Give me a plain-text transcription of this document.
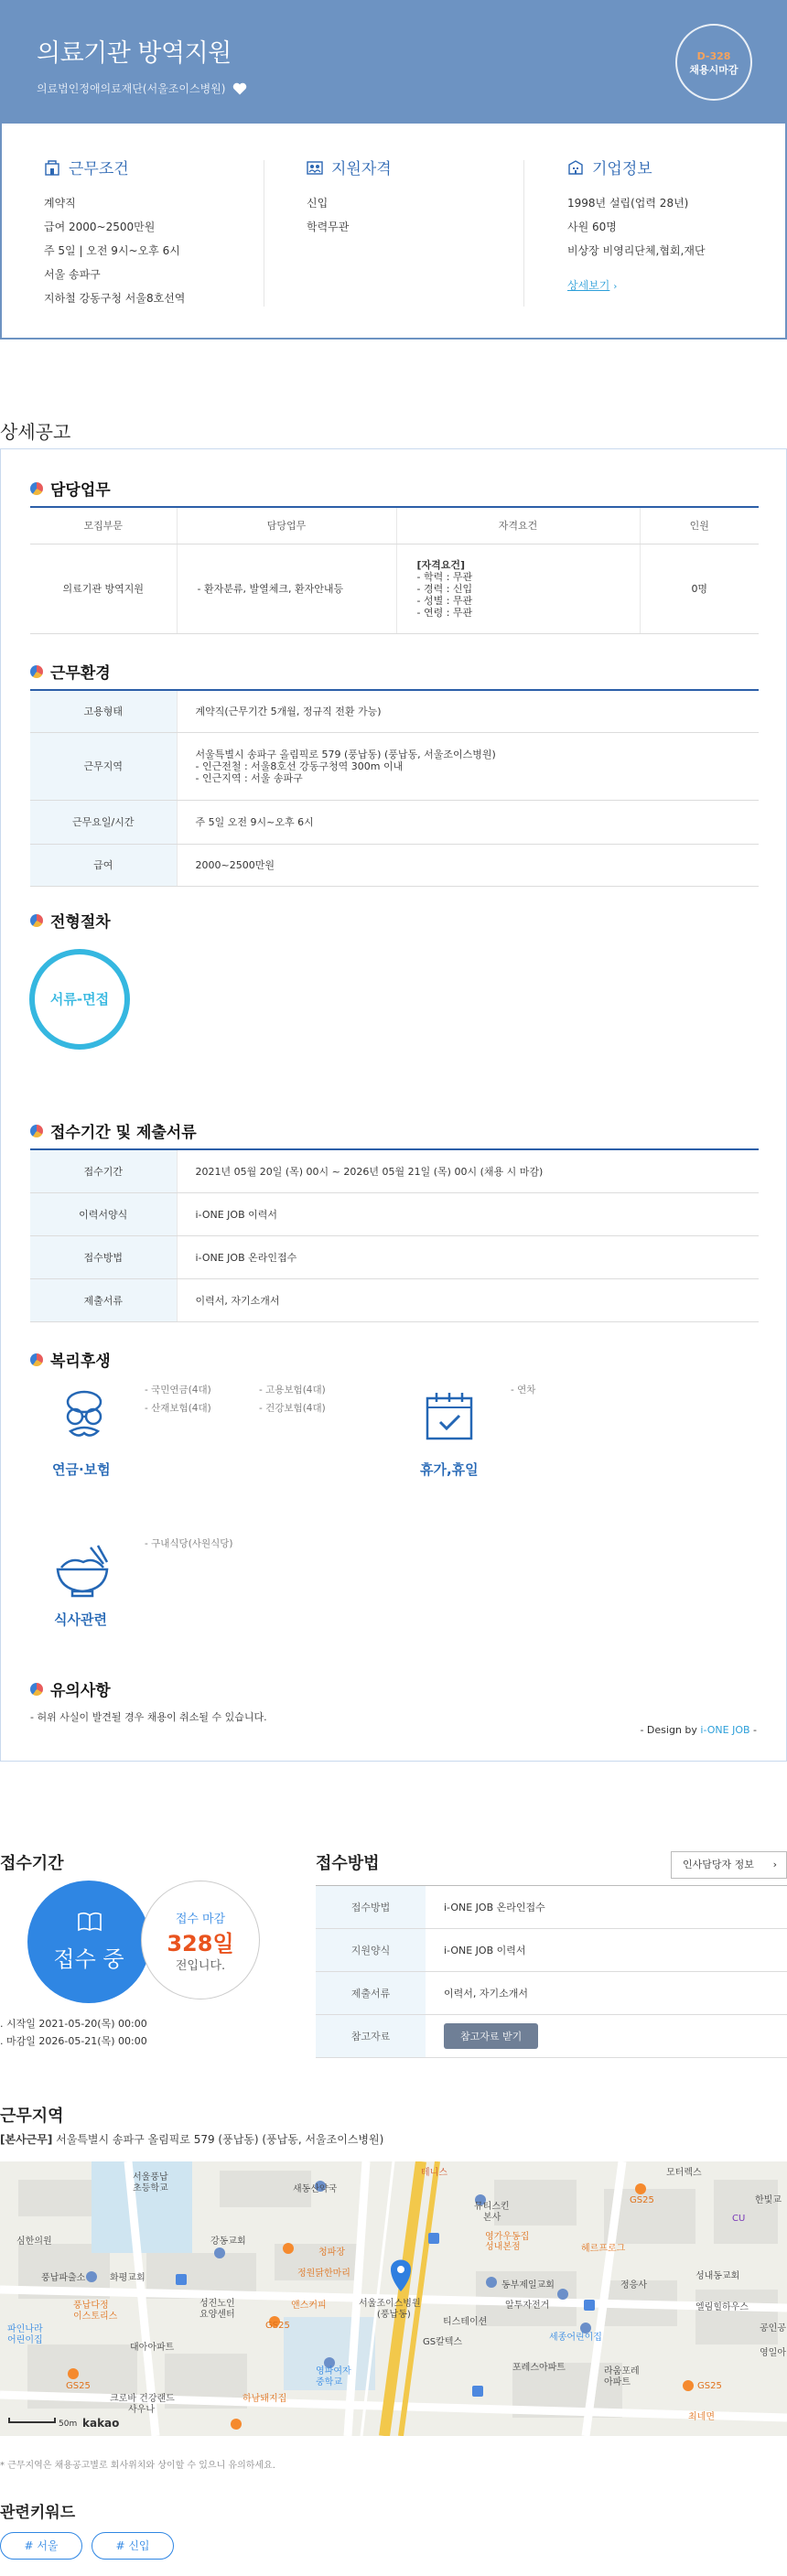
의료기관 방역지원
의료법인정애의료재단(서울조이스병원)
D-328
채용시마감
근무조건
계약직
급여 2000~2500만원
주 5일 | 오전 9시~오후 6시
서울 송파구
지하철 강동구청 서울8호선역
지원자격
신입
학력무관
기업정보
1998년 설립(업력 28년)
사원 60명
비상장 비영리단체,협회,재단
상세보기 ›
상세공고
담당업무
모집부문	담당업무	자격요건	인원
의료기관 방역지원	- 환자분류, 발열체크, 환자안내등	[자격요건]
- 학력 : 무관
- 경력 : 신입
- 성별 : 무관
- 연령 : 무관	0명
근무환경
고용형태	계약직(근무기간 5개월, 정규직 전환 가능)
근무지역	서울특별시 송파구 올림픽로 579 (풍납동) (풍납동, 서울조이스병원)
- 인근전철 : 서울8호선 강동구청역 300m 이내
- 인근지역 : 서울 송파구

근무요일/시간	주 5일 오전 9시~오후 6시
급여	2000~2500만원
전형절차
접수기간 및 제출서류
접수기간	2021년 05월 20일 (목) 00시 ~ 2026년 05월 21일 (목) 00시 (채용 시 마감)
이력서양식	i-ONE JOB 이력서
접수방법	i-ONE JOB 온라인접수
제출서류	이력서, 자기소개서
복리후생
연금·보험
- 국민연금(4대)
- 산재보험(4대)
- 고용보험(4대)
- 건강보험(4대)
휴가,휴일
- 연차
식사관련
- 구내식당(사원식당)
유의사항
- 허위 사실이 발견될 경우 채용이 취소될 수 있습니다.
- Design by i-ONE JOB -
서류-면접
접수기간
접수 중
접수 마감
328일
전입니다.
. 시작일 2021-05-20(목) 00:00
. 마감일 2026-05-21(목) 00:00
접수방법	인사담당자 정보 ›
접수방법	i-ONE JOB 온라인접수
지원양식	i-ONE JOB 이력서
제출서류	이력서, 자기소개서
참고자료	참고자료 받기
근무지역
[본사근무] 서울특별시 송파구 올림픽로 579 (풍납동) (풍납동, 서울조이스병원)
서울풍납
초등학교	새동산약국
테니스
뮤티스킨
본사
모터렉스
한빛교
GS25
CU
영가우동집
성내본점
심한의원	강동교회
풍납파출소	화평교회
청파장	헤르프로그
성내동교회
정원닭한마리
서울조이스병원
(풍납동)
동부제일교회
알투자전거
정응사
엘림힐하우스
성진노인
요양센터
풍납다정
이스토리스
GS25
앤스커피
티스테이션
세종어린이집
공인공
파인나라
어린이집
대아아파트
GS칼텍스
포레스아파트	라움포레
아파트
영파여자
중학교
GS25	GS25
영일아
크로바 건강랜드
사우나
하남돼지집
최네면
50m kakao
* 근무지역은 채용공고별로 회사위치와 상이할 수 있으니 유의하세요.
관련키워드
# 서울	# 신입
